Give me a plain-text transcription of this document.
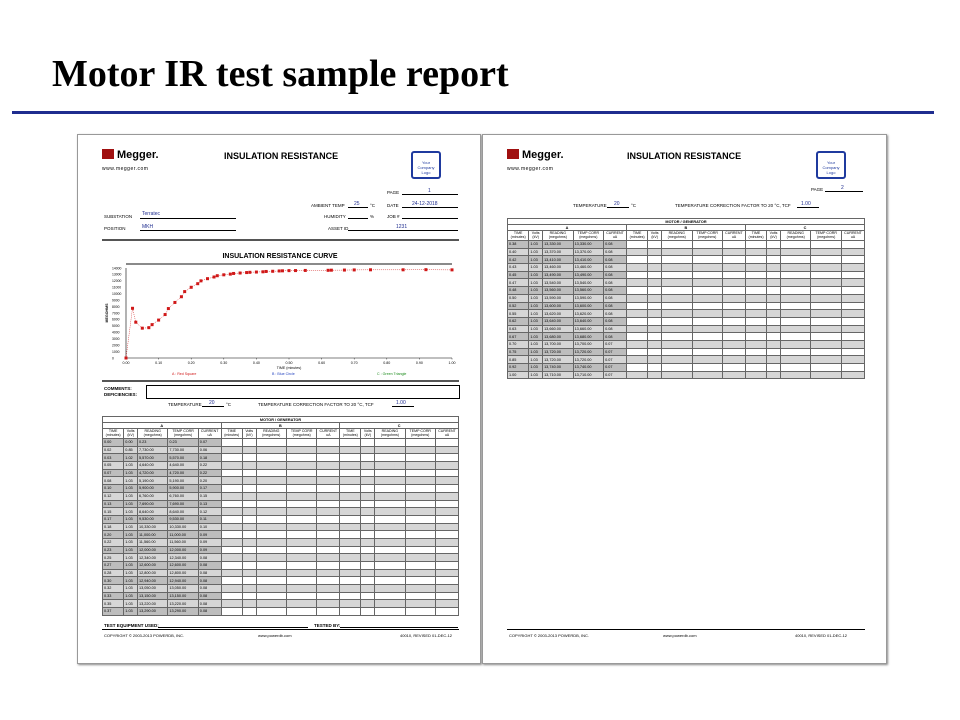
Motor IR test sample report
Megger.
www.megger.com
INSULATION RESISTANCE
Your Company Logo
PAGE	1
AMBIENT TEMP 25 °C	DATE	24-12-2018
SUBSTATION Terratec	HUMIDITY	%	JOB #
POSITION	MKH	ASSET ID	1231
INSULATION RESISTANCE CURVE
14000
13000
12000
11000
10000
9000
8000
7000
6000
5000
4000
3000
2000
1000
0
0.00	0.10	0.20	0.30	0.40	0.50	0.60	0.70	0.80	0.90	1.00
TIME (minutes)
MEGOHMS
A : Red Square	B : Blue Circle	C : Green Triangle
COMMENTS:
DEFICIENCIES:
TEMPERATURE 20	°C	TEMPERATURE CORRECTION FACTOR TO 20 °C, TCF	1.00
MOTOR / GENERATOR														
A					B					C				
TIME (minutes)	Volts (kV)	READING (megohms)	TEMP CORR (megohms)	CURRENT uA	TIME (minutes)	Volts (kV)	READING (megohms)	TEMP CORR (megohms)	CURRENT uA	TIME (minutes)	Volts (kV)	READING (megohms)	TEMP CORR (megohms)	CURRENT uA
0.00	0.00	0.23	0.23	0.07										
0.02	0.85	7,730.00	7,730.00	0.06										
0.03	1.02	5,570.00	5,570.00	0.18										
0.05	1.03	4,640.00	4,640.00	0.22										
0.07	1.03	4,720.00	4,720.00	0.22										
0.08	1.03	5,190.00	5,190.00	0.20										
0.10	1.03	5,900.00	5,900.00	0.17										
0.12	1.03	6,760.00	6,760.00	0.15										
0.13	1.03	7,690.00	7,690.00	0.13										
0.15	1.03	8,640.00	8,640.00	0.12										
0.17	1.03	9,530.00	9,530.00	0.11										
0.18	1.03	10,330.00	10,330.00	0.10										
0.20	1.03	11,000.00	11,000.00	0.09										
0.22	1.03	11,560.00	11,560.00	0.09										
0.23	1.03	12,000.00	12,000.00	0.09										
0.25	1.03	12,340.00	12,340.00	0.08										
0.27	1.03	12,600.00	12,600.00	0.08										
0.28	1.03	12,800.00	12,800.00	0.08										
0.30	1.03	12,940.00	12,940.00	0.08										
0.32	1.03	13,050.00	13,050.00	0.08										
0.33	1.03	13,150.00	13,150.00	0.08										
0.35	1.03	13,220.00	13,220.00	0.08										
0.37	1.03	13,290.00	13,290.00	0.08										
TEST EQUIPMENT USED:	TESTED BY:
COPYRIGHT © 2003-2013 POWERDB, INC.	www.powerdb.com	40010, REVISED 01-DEC-12
Megger.
www.megger.com
INSULATION RESISTANCE
Your Company Logo
PAGE	2
TEMPERATURE 20	°C	TEMPERATURE CORRECTION FACTOR TO 20 °C, TCF 1.00
MOTOR / GENERATOR														
A					B					C				
TIME (minutes)	Volts (kV)	READING (megohms)	TEMP CORR (megohms)	CURRENT uA	TIME (minutes)	Volts (kV)	READING (megohms)	TEMP CORR (megohms)	CURRENT uA	TIME (minutes)	Volts (kV)	READING (megohms)	TEMP CORR (megohms)	CURRENT uA
0.38	1.03	13,330.00	13,330.00	0.08										
0.40	1.03	13,370.00	13,370.00	0.08										
0.42	1.03	13,410.00	13,410.00	0.08										
0.43	1.03	13,460.00	13,460.00	0.08										
0.45	1.03	13,490.00	13,490.00	0.08										
0.47	1.03	13,540.00	13,540.00	0.08										
0.48	1.03	13,560.00	13,560.00	0.08										
0.50	1.03	13,590.00	13,590.00	0.08										
0.52	1.03	13,600.00	13,600.00	0.08										
0.55	1.03	13,620.00	13,620.00	0.08										
0.62	1.03	13,640.00	13,640.00	0.08										
0.63	1.03	13,660.00	13,660.00	0.08										
0.67	1.03	13,680.00	13,680.00	0.08										
0.70	1.03	13,700.00	13,700.00	0.07										
0.75	1.03	13,720.00	13,720.00	0.07										
0.85	1.03	13,720.00	13,720.00	0.07										
0.92	1.03	13,740.00	13,740.00	0.07										
1.00	1.03	13,710.00	13,710.00	0.07										
COPYRIGHT © 2003-2013 POWERDB, INC.	www.powerdb.com	40010, REVISED 01-DEC-12
